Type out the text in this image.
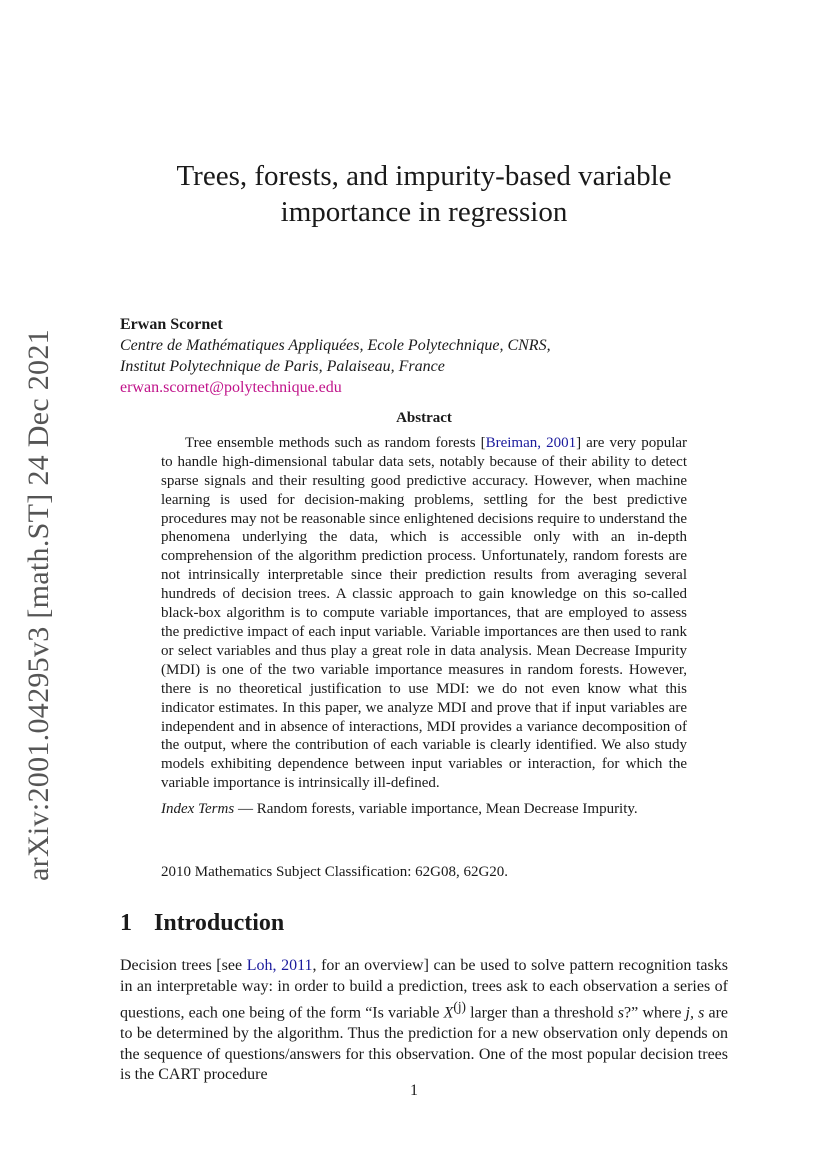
arXiv:2001.04295v3 [math.ST] 24 Dec 2021
Trees, forests, and impurity-based variable
importance in regression
Erwan Scornet
Centre de Mathématiques Appliquées, Ecole Polytechnique, CNRS,
Institut Polytechnique de Paris, Palaiseau, France
erwan.scornet@polytechnique.edu
Abstract

Tree ensemble methods such as random forests [Breiman, 2001] are very popular to handle high-dimensional tabular data sets, notably because of their ability to detect sparse signals and their resulting good predictive accuracy. However, when machine learning is used for decision-making problems, settling for the best predictive procedures may not be reasonable since enlightened decisions require to understand the phenomena underlying the data, which is accessible only with an in-depth comprehension of the algorithm prediction process. Unfortunately, random forests are not intrinsically interpretable since their prediction results from averaging several hundreds of decision trees. A classic approach to gain knowledge on this so-called black-box algorithm is to compute variable importances, that are employed to assess the predictive impact of each input variable. Variable importances are then used to rank or select variables and thus play a great role in data analysis. Mean Decrease Impurity (MDI) is one of the two variable importance measures in random forests. However, there is no theoretical justification to use MDI: we do not even know what this indicator estimates. In this paper, we analyze MDI and prove that if input variables are independent and in absence of interactions, MDI provides a variance decomposition of the output, where the contribution of each variable is clearly identified. We also study models exhibiting dependence between input variables or interaction, for which the variable importance is intrinsically ill-defined.

Index Terms — Random forests, variable importance, Mean Decrease Impurity.
2010 Mathematics Subject Classification: 62G08, 62G20.
1 Introduction

Decision trees [see Loh, 2011, for an overview] can be used to solve pattern recognition tasks in an interpretable way: in order to build a prediction, trees ask to each observation a series of questions, each one being of the form “Is variable $X^{(j)}$ larger than a threshold s?” where j, s are to be determined by the algorithm. Thus the prediction for a new observation only depends on the sequence of questions/answers for this observation. One of the most popular decision trees is the CART procedure

1
